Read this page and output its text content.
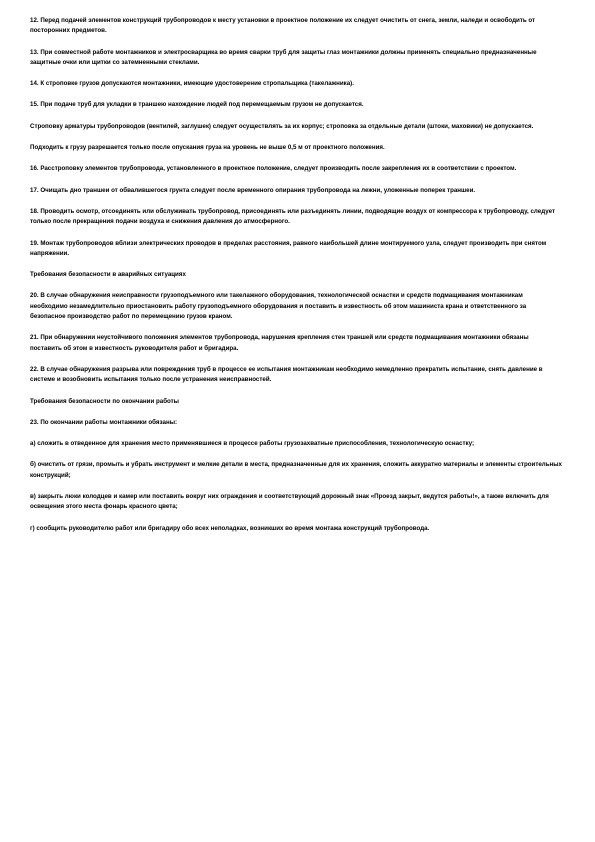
12. Перед подачей элементов конструкций трубопроводов к месту установки в проектное положение их следует очистить от снега, земли, наледи и освободить от посторонних предметов.

13. При совместной работе монтажников и электросварщика во время сварки труб для защиты глаз монтажники должны применять специально предназначенные защитные очки или щитки со затемненными стеклами.

14. К строповке грузов допускаются монтажники, имеющие удостоверение стропальщика (такелажника).

15. При подаче труб для укладки в траншею нахождение людей под перемещаемым грузом не допускается.

Строповку арматуры трубопроводов (вентилей, заглушек) следует осуществлять за их корпус; строповка за отдельные детали (штоки, маховики) не допускается.

Подходить к грузу разрешается только после опускания груза на уровень не выше 0,5 м от проектного положения.

16. Расстроповку элементов трубопровода, установленного в проектное положение, следует производить после закрепления их в соответствии с проектом.

17. Очищать дно траншеи от обвалившегося грунта следует после временного опирания трубопровода на лежни, уложенные поперек траншеи.

18. Проводить осмотр, отсоединять или обслуживать трубопровод, присоединять или разъединять линии, подводящие воздух от компрессора к трубопроводу, следует только после прекращения подачи воздуха и снижения давления до атмосферного.

19. Монтаж трубопроводов вблизи электрических проводов в пределах расстояния, равного наибольшей длине монтируемого узла, следует производить при снятом напряжении.

Требования безопасности в аварийных ситуациях

20. В случае обнаружения неисправности грузоподъемного или такелажного оборудования, технологической оснастки и средств подмащивания монтажникам необходимо незамедлительно приостановить работу грузоподъемного оборудования и поставить в известность об этом машиниста крана и ответственного за безопасное производство работ по перемещению грузов краном.

21. При обнаружении неустойчивого положения элементов трубопровода, нарушения крепления стен траншей или средств подмащивания монтажники обязаны поставить об этом в известность руководителя работ и бригадира.

22. В случае обнаружения разрыва или повреждения труб в процессе ее испытания монтажникам необходимо немедленно прекратить испытание, снять давление в системе и возобновить испытания только после устранения неисправностей.

Требования безопасности по окончании работы

23. По окончании работы монтажники обязаны:

а) сложить в отведенное для хранения место применявшиеся в процессе работы грузозахватные приспособления, технологическую оснастку;

б) очистить от грязи, промыть и убрать инструмент и мелкие детали в места, предназначенные для их хранения, сложить аккуратно материалы и элементы строительных конструкций;

в) закрыть люки колодцев и камер или поставить вокруг них ограждения и соответствующий дорожный знак «Проезд закрыт, ведутся работы!», а также включить для освещения этого места фонарь красного цвета;

г) сообщить руководителю работ или бригадиру обо всех неполадках, возникших во время монтажа конструкций трубопровода.
